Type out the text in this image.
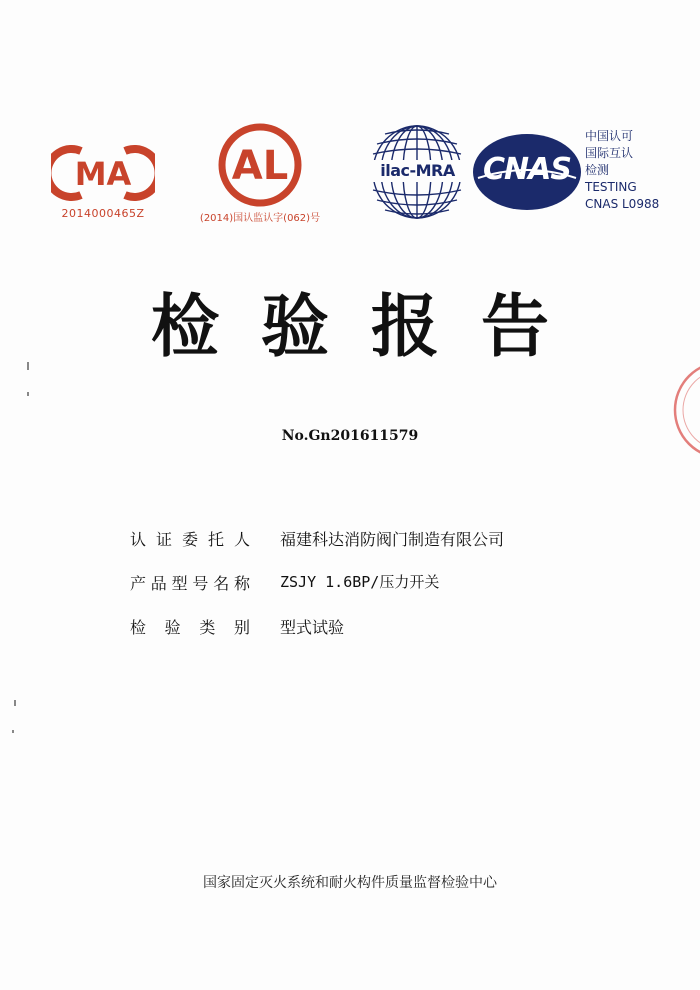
MA
2014000465Z
AL
(2014)国认监认字(062)号
ilac-MRA CNAS
中国认可
国际互认
检测
TESTING
CNAS L0988
检验报告
No.Gn201611579
认 证 委 托 人 福建科达消防阀门制造有限公司
产 品 型 号 名 称 ZSJY 1.6BP/压力开关
检 验 类 别 型式试验
国家固定灭火系统和耐火构件质量监督检验中心
